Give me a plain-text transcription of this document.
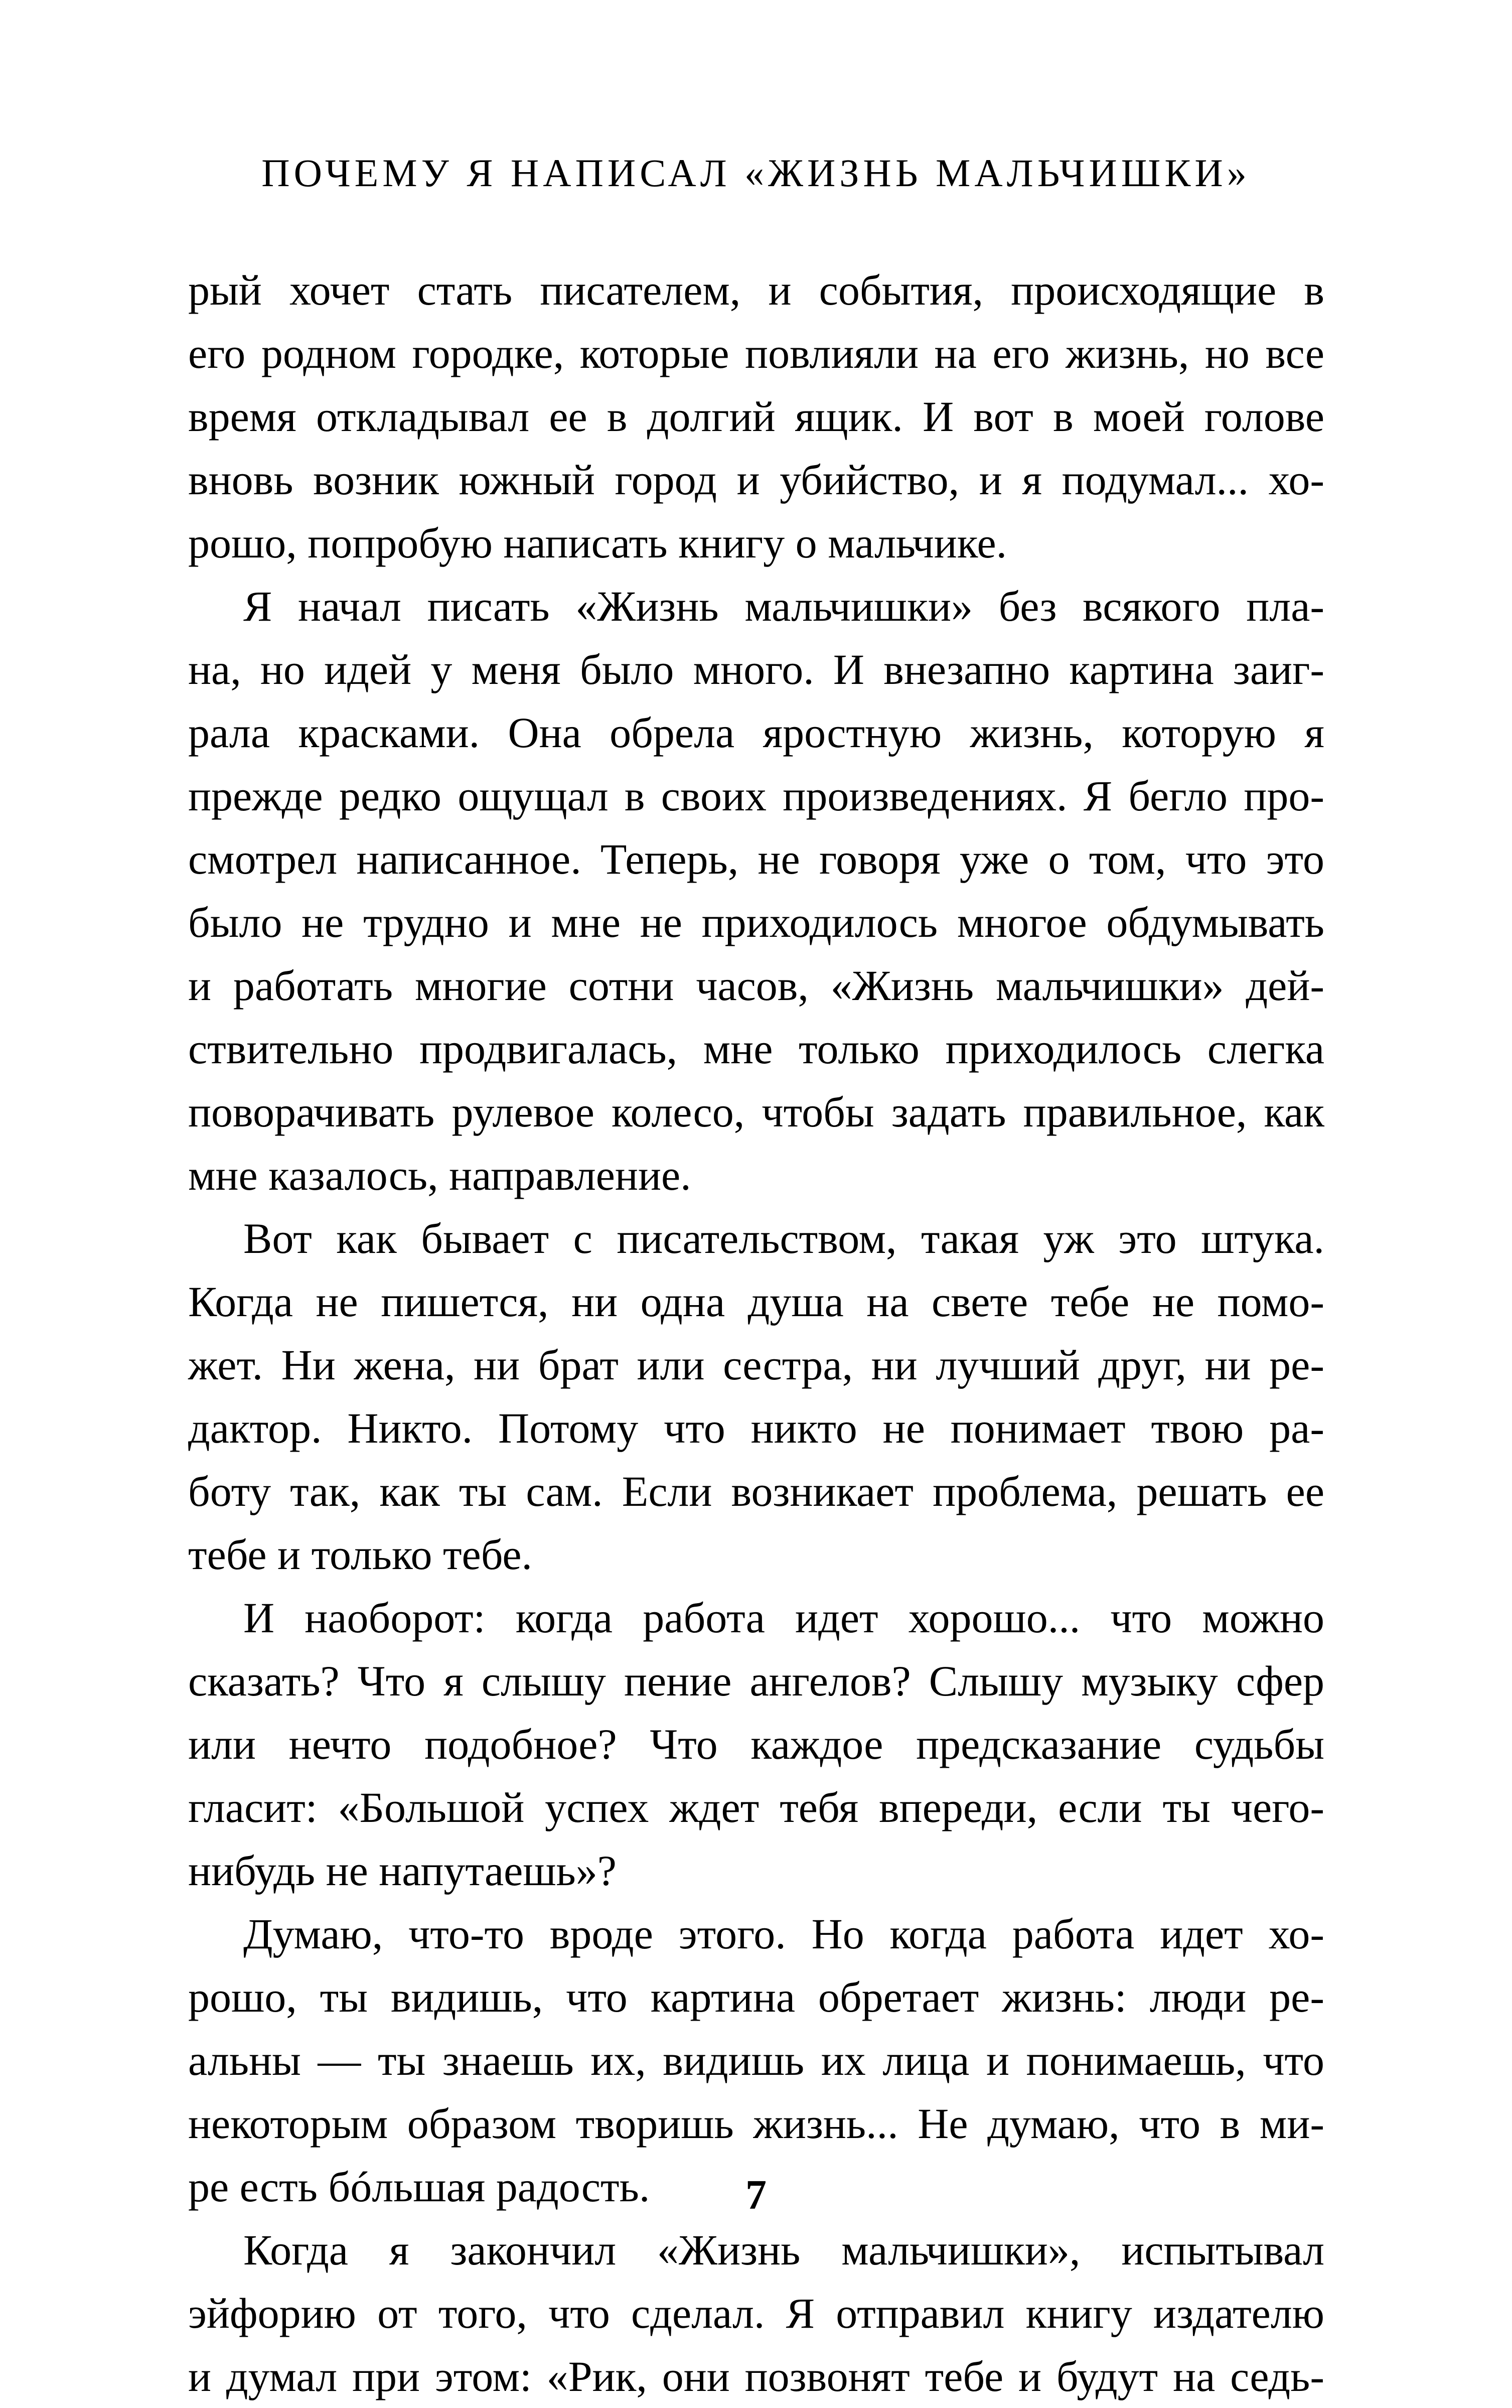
ПОЧЕМУ Я НАПИСАЛ «ЖИЗНЬ МАЛЬЧИШКИ»
рый хочет стать писателем, и события, происходящие в
его родном городке, которые повлияли на его жизнь, но все
время откладывал ее в долгий ящик. И вот в моей голове
вновь возник южный город и убийство, и я подумал... хо-
рошо, попробую написать книгу о мальчике.
Я начал писать «Жизнь мальчишки» без всякого пла-
на, но идей у меня было много. И внезапно картина заиг-
рала красками. Она обрела яростную жизнь, которую я
прежде редко ощущал в своих произведениях. Я бегло про-
смотрел написанное. Теперь, не говоря уже о том, что это
было не трудно и мне не приходилось многое обдумывать
и работать многие сотни часов, «Жизнь мальчишки» дей-
ствительно продвигалась, мне только приходилось слегка
поворачивать рулевое колесо, чтобы задать правильное, как
мне казалось, направление.
Вот как бывает с писательством, такая уж это штука.
Когда не пишется, ни одна душа на свете тебе не помо-
жет. Ни жена, ни брат или сестра, ни лучший друг, ни ре-
дактор. Никто. Потому что никто не понимает твою ра-
боту так, как ты сам. Если возникает проблема, решать ее
тебе и только тебе.
И наоборот: когда работа идет хорошо... что можно
сказать? Что я слышу пение ангелов? Слышу музыку сфер
или нечто подобное? Что каждое предсказание судьбы
гласит: «Большой успех ждет тебя впереди, если ты чего-
нибудь не напутаешь»?
Думаю, что-то вроде этого. Но когда работа идет хо-
рошо, ты видишь, что картина обретает жизнь: люди ре-
альны — ты знаешь их, видишь их лица и понимаешь, что
некоторым образом творишь жизнь... Не думаю, что в ми-
ре есть бóльшая радость.
Когда я закончил «Жизнь мальчишки», испытывал
эйфорию от того, что сделал. Я отправил книгу издателю
и думал при этом: «Рик, они позвонят тебе и будут на седь-
7
